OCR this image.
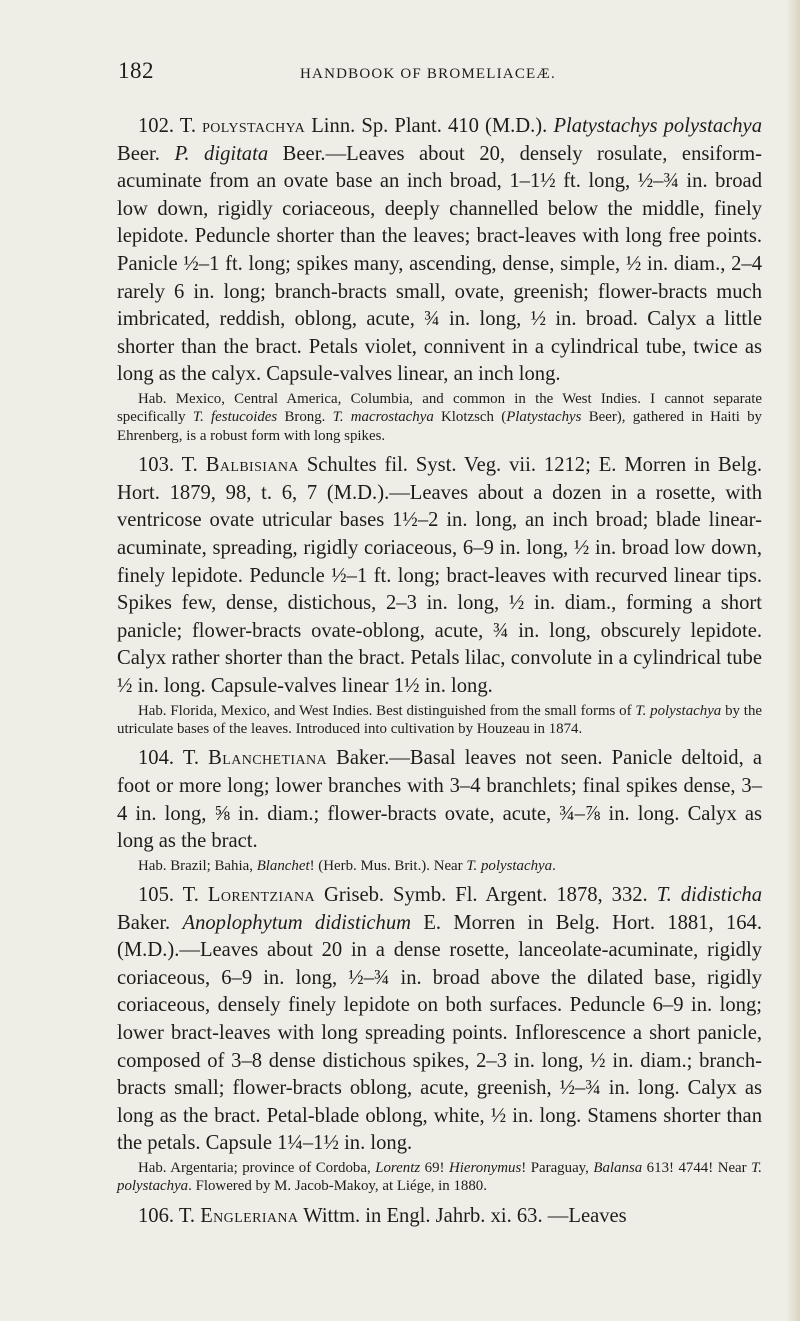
182	HANDBOOK OF BROMELIACEÆ.

102. T. polystachya Linn. Sp. Plant. 410 (M.D.). Platystachys polystachya Beer. P. digitata Beer.—Leaves about 20, densely rosulate, ensiform-acuminate from an ovate base an inch broad, 1–1½ ft. long, ½–¾ in. broad low down, rigidly coriaceous, deeply channelled below the middle, finely lepidote. Peduncle shorter than the leaves; bract-leaves with long free points. Panicle ½–1 ft. long; spikes many, ascending, dense, simple, ½ in. diam., 2–4 rarely 6 in. long; branch-bracts small, ovate, greenish; flower-bracts much imbricated, reddish, oblong, acute, ¾ in. long, ½ in. broad. Calyx a little shorter than the bract. Petals violet, connivent in a cylindrical tube, twice as long as the calyx. Capsule-valves linear, an inch long.

Hab. Mexico, Central America, Columbia, and common in the West Indies. I cannot separate specifically T. festucoides Brong. T. macrostachya Klotzsch (Platystachys Beer), gathered in Haiti by Ehrenberg, is a robust form with long spikes.

103. T. Balbisiana Schultes fil. Syst. Veg. vii. 1212; E. Morren in Belg. Hort. 1879, 98, t. 6, 7 (M.D.).—Leaves about a dozen in a rosette, with ventricose ovate utricular bases 1½–2 in. long, an inch broad; blade linear-acuminate, spreading, rigidly coriaceous, 6–9 in. long, ½ in. broad low down, finely lepidote. Peduncle ½–1 ft. long; bract-leaves with recurved linear tips. Spikes few, dense, distichous, 2–3 in. long, ½ in. diam., forming a short panicle; flower-bracts ovate-oblong, acute, ¾ in. long, obscurely lepidote. Calyx rather shorter than the bract. Petals lilac, convolute in a cylindrical tube ½ in. long. Capsule-valves linear 1½ in. long.

Hab. Florida, Mexico, and West Indies. Best distinguished from the small forms of T. polystachya by the utriculate bases of the leaves. Introduced into cultivation by Houzeau in 1874.

104. T. Blanchetiana Baker.—Basal leaves not seen. Panicle deltoid, a foot or more long; lower branches with 3–4 branchlets; final spikes dense, 3–4 in. long, ⅝ in. diam.; flower-bracts ovate, acute, ¾–⅞ in. long. Calyx as long as the bract.

Hab. Brazil; Bahia, Blanchet! (Herb. Mus. Brit.). Near T. polystachya.

105. T. Lorentziana Griseb. Symb. Fl. Argent. 1878, 332. T. didisticha Baker. Anoplophytum didistichum E. Morren in Belg. Hort. 1881, 164. (M.D.).—Leaves about 20 in a dense rosette, lanceolate-acuminate, rigidly coriaceous, 6–9 in. long, ½–¾ in. broad above the dilated base, rigidly coriaceous, densely finely lepidote on both surfaces. Peduncle 6–9 in. long; lower bract-leaves with long spreading points. Inflorescence a short panicle, composed of 3–8 dense distichous spikes, 2–3 in. long, ½ in. diam.; branch-bracts small; flower-bracts oblong, acute, greenish, ½–¾ in. long. Calyx as long as the bract. Petal-blade oblong, white, ½ in. long. Stamens shorter than the petals. Capsule 1¼–1½ in. long.

Hab. Argentaria; province of Cordoba, Lorentz 69! Hieronymus! Paraguay, Balansa 613! 4744! Near T. polystachya. Flowered by M. Jacob-Makoy, at Liége, in 1880.

106. T. Engleriana Wittm. in Engl. Jahrb. xi. 63. —Leaves
